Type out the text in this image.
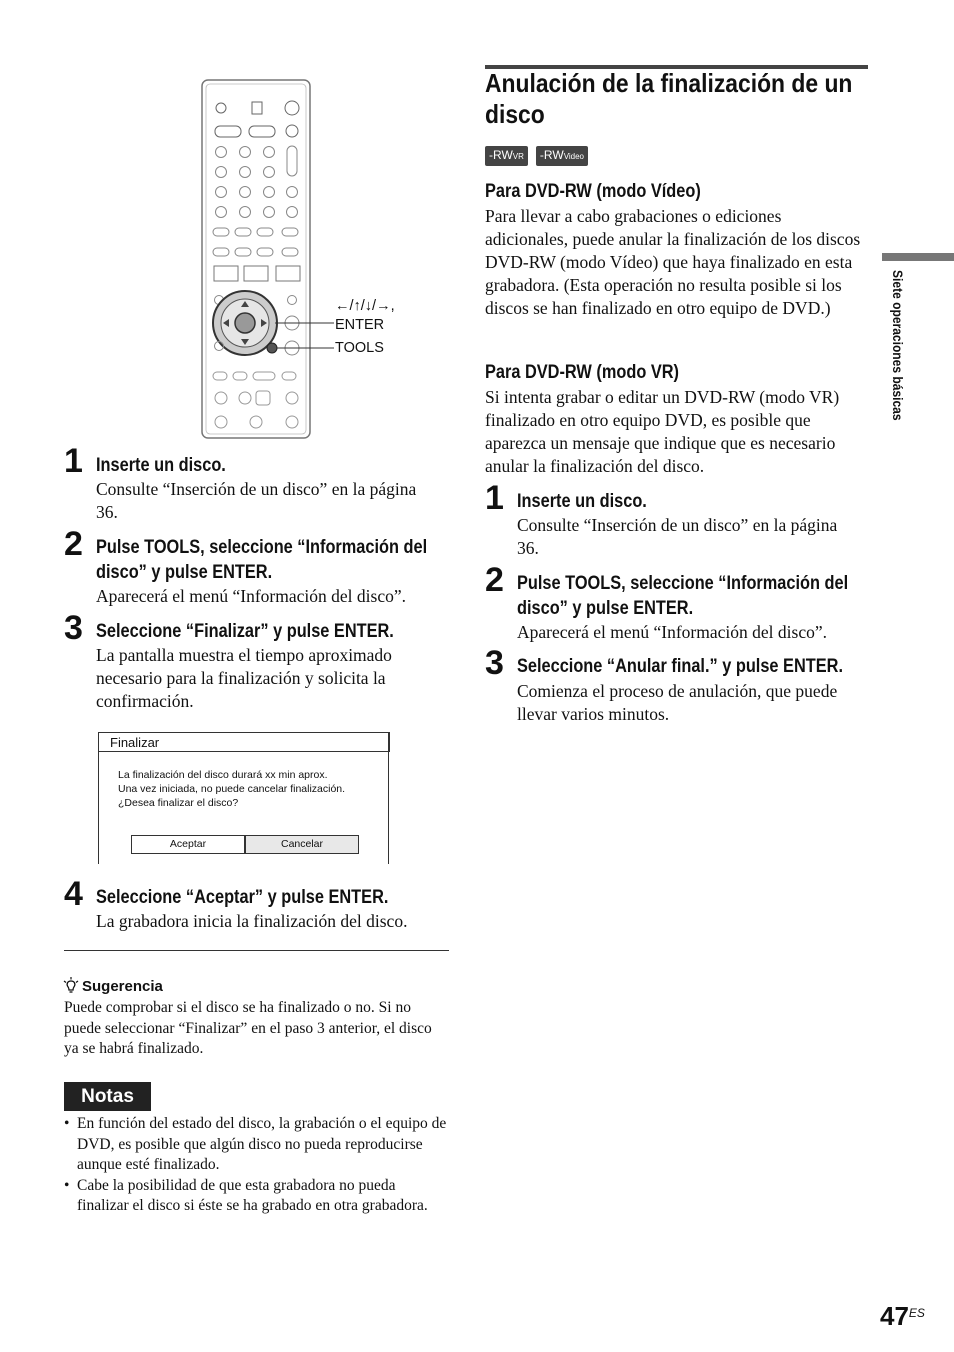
←/↑/↓/→,
ENTER
TOOLS
1 Inserte un disco.
Consulte “Inserción de un disco” en la página 36.
2 Pulse TOOLS, seleccione “Información del
disco” y pulse ENTER.
Aparecerá el menú “Información del disco”.
3 Seleccione “Finalizar” y pulse ENTER.
La pantalla muestra el tiempo aproximado necesario para la finalización y solicita la confirmación.
Finalizar
La finalización del disco durará xx min aprox.
Una vez iniciada, no puede cancelar finalización.
¿Desea finalizar el disco?
Aceptar	Cancelar
4 Seleccione “Aceptar” y pulse ENTER.
La grabadora inicia la finalización del disco.
Sugerencia
Puede comprobar si el disco se ha finalizado o no. Si no puede seleccionar “Finalizar” en el paso 3 anterior, el disco ya se habrá finalizado.
Notas
• En función del estado del disco, la grabación o el equipo de DVD, es posible que algún disco no pueda reproducirse aunque esté finalizado.
• Cabe la posibilidad de que esta grabadora no pueda finalizar el disco si éste se ha grabado en otra grabadora.
Anulación de la finalización de un disco
-RWVR -RWVideo
Para DVD-RW (modo Vídeo)
Para llevar a cabo grabaciones o ediciones adicionales, puede anular la finalización de los discos DVD-RW (modo Vídeo) que haya finalizado en esta grabadora. (Esta operación no resulta posible si los discos se han finalizado en otro equipo de DVD.)
Para DVD-RW (modo VR)
Si intenta grabar o editar un DVD-RW (modo VR) finalizado en otro equipo DVD, es posible que aparezca un mensaje que indique que es necesario anular la finalización del disco.
1 Inserte un disco.
Consulte “Inserción de un disco” en la página 36.
2 Pulse TOOLS, seleccione “Información del
disco” y pulse ENTER.
Aparecerá el menú “Información del disco”.
3 Seleccione “Anular final.” y pulse ENTER.
Comienza el proceso de anulación, que puede llevar varios minutos.
Siete operaciones básicas
$47^{ES}$
